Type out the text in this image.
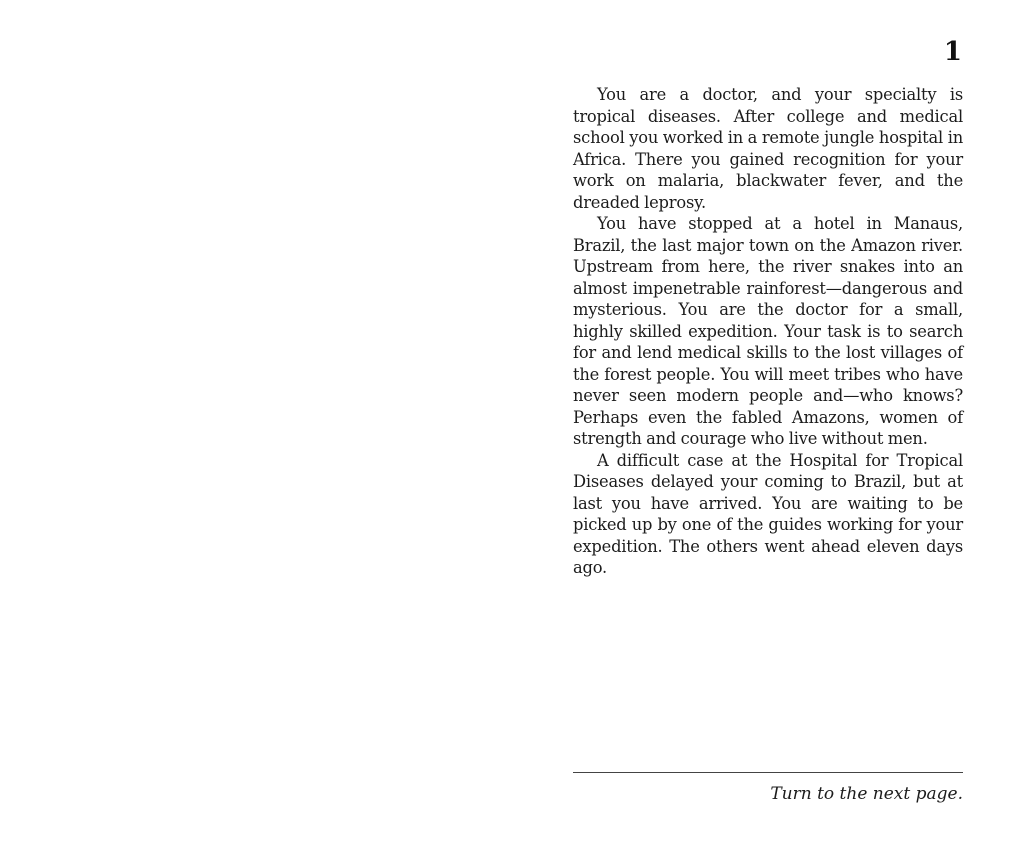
1

You are a doctor, and your specialty is tropical diseases. After college and medical school you worked in a remote jungle hospital in Africa. There you gained recognition for your work on malaria, blackwater fever, and the dreaded leprosy.

You have stopped at a hotel in Manaus, Brazil, the last major town on the Amazon river. Upstream from here, the river snakes into an almost impenetrable rainforest—dangerous and mysterious. You are the doctor for a small, highly skilled expedition. Your task is to search for and lend medical skills to the lost villages of the forest people. You will meet tribes who have never seen modern people and—who knows? Perhaps even the fabled Amazons, women of strength and courage who live without men.

A difficult case at the Hospital for Tropical Diseases delayed your coming to Brazil, but at last you have arrived. You are waiting to be picked up by one of the guides working for your expedition. The others went ahead eleven days ago.

Turn to the next page.
